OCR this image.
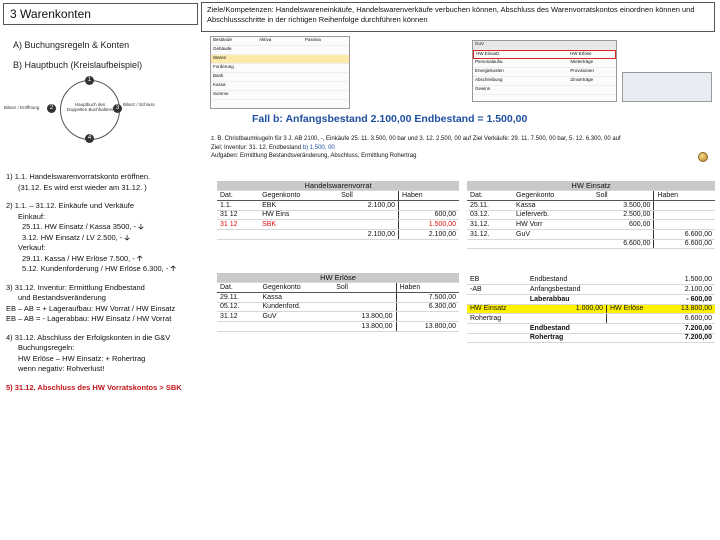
3 Warenkonten	Ziele/Kompetenzen: Handelswareneinkäufe, Handelswarenverkäufe verbuchen können, Abschluss des Warenvorratskontos einordnen können und Abschlussschritte in der richtigen Reihenfolge durchführen können
A) Buchungsregeln & Konten
B) Hauptbuch (Kreislaufbeispiel)
1
2	3
4
Bilanz / Eröffnung
Hauptbuch des Doppelten Buchhaltens
Bilanz / Schluss
Bestände	Aktiva	Passiva
Gebäude
Waren
Forderung
Bank
Kassa
Summe
GuV
HW Einsatz	HW Erlöse
Personalaufw.	Mieterträge
Energiekosten	Provisionen
Abschreibung	Zinserträge
Gewinn
Fall b: Anfangsbestand 2.100,00 Endbestand = 1.500,00
z. B. Christbaumkugeln für 3 J. AB 2100, -, Einkäufe 25. 11. 3.500, 00 bar und 3. 12. 2.500, 00 auf Ziel Verkäufe: 29. 11. 7.500, 00 bar, 5. 12. 6.300, 00 auf
Ziel; Inventur: 31. 12. Endbestand b) 1.500, 00
Aufgaben: Ermittlung Bestandsveränderung, Abschluss, Ermittlung Rohertrag
1) 1.1. Handelswarenvorratskonto eröffnen.
(31.12. Es wird erst wieder am 31.12. )
2) 1.1. – 31.12. Einkäufe und Verkäufe
Einkauf:
25.11. HW Einsatz / Kassa 3500, - 🡣
3.12. HW Einsatz / LV 2.500, - 🡣
Verkauf:
29.11. Kassa / HW Erlöse 7.500, - 🡡
5.12. Kundenforderung / HW Erlöse 6.300, - 🡡
3) 31.12. Inventur: Ermittlung Endbestand
und Bestandsveränderung
EB – AB = + Lageraufbau: HW Vorrat / HW Einsatz
EB – AB = - Lagerabbau: HW Einsatz / HW Vorrat
4) 31.12. Abschluss der Erfolgskonten in die G&V
Buchungsregeln:
HW Erlöse – HW Einsatz: + Rohertrag
wenn negativ: Rohverlust!
5) 31.12. Abschluss des HW Vorratskontos > SBK
Handelswarenvorrat			
Dat.	Gegenkonto	Soll	Haben
1.1.	EBK	2.100,00	
31 12	HW Eins		600,00
31 12	SBK		1.500,00
		2.100,00	2.100,00
HW Einsatz			
Dat.	Gegenkonto	Soll	Haben
25.11.	Kassa	3.500,00	
03.12.	Lieferverb.	2.500,00	
31.12.	HW Vorr	600,00	
31.12.	GuV		6.600,00
		6.600,00	6.600,00
HW Erlöse			
Dat.	Gegenkonto	Soll	Haben
29.11.	Kassa		7.500,00
05.12.	Kundenford.		6.300,00
31.12	GuV	13.800,00	
		13.800,00	13.800,00
EB	Endbestand	1.500,00	
-AB	Anfangsbestand	2.100,00	
	Laberabbau	- 600,00	
HW Einsatz	1.000,00	HW Erlöse	13.800,00
Rohertrag			6.600,00
	Endbestand	7.200,00	
	Rohertrag	7.200,00	
